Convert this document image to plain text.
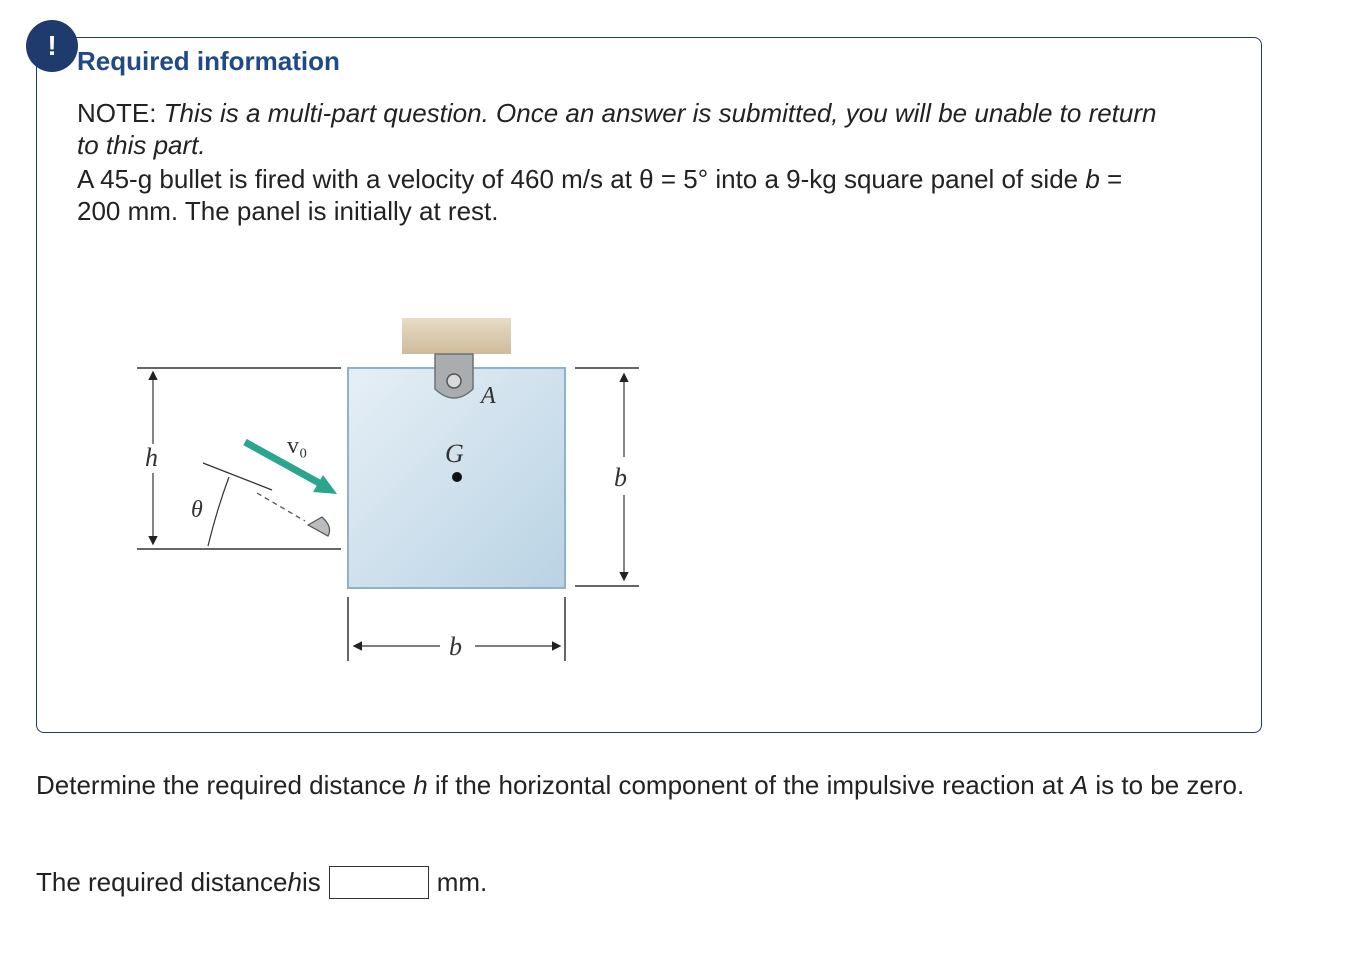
! Required information

NOTE: This is a multi-part question. Once an answer is submitted, you will be unable to return to this part.

A 45-g bullet is fired with a velocity of 460 m/s at θ = 5° into a 9-kg square panel of side b = 200 mm. The panel is initially at rest.

h
θ
v₀	G
A
b
b

Determine the required distance h if the horizontal component of the impulsive reaction at A is to be zero.

The required distance h is	mm.
